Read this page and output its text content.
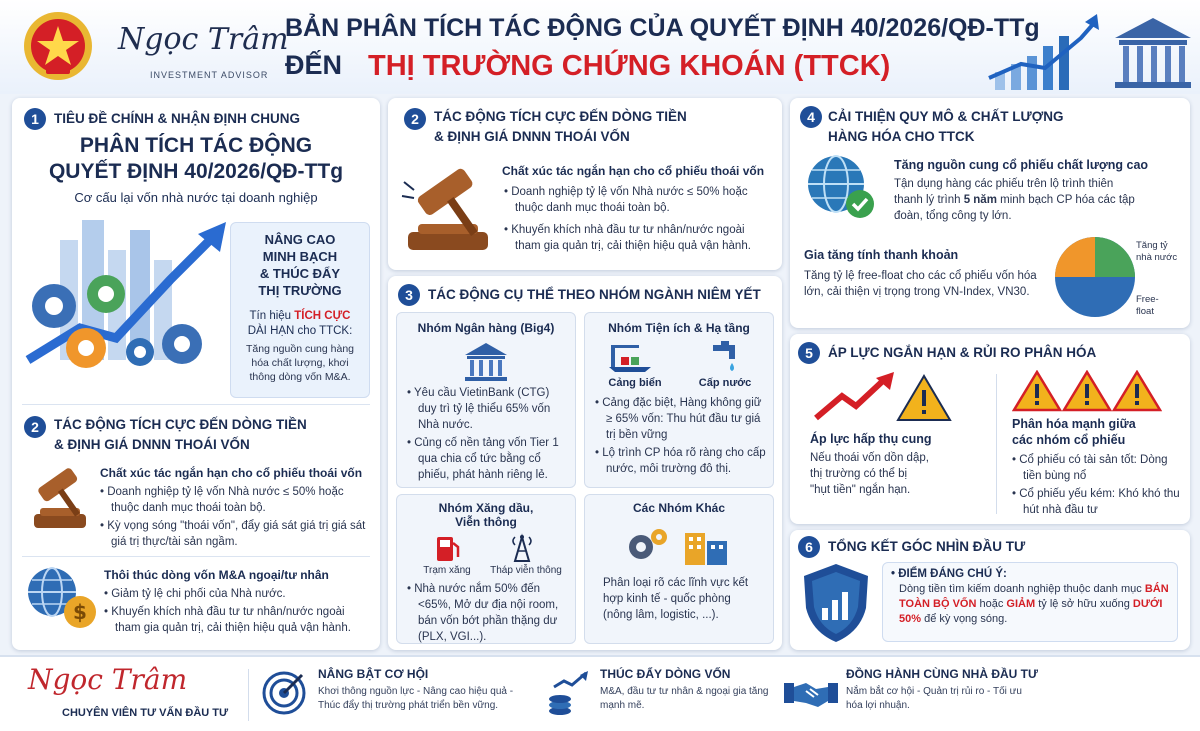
Ngọc Trâm
INVESTMENT ADVISOR
BẢN PHÂN TÍCH TÁC ĐỘNG CỦA QUYẾT ĐỊNH 40/2026/QĐ-TTg
ĐẾN THỊ TRƯỜNG CHỨNG KHOÁN (TTCK)
1	TIÊU ĐỀ CHÍNH & NHẬN ĐỊNH CHUNG
PHÂN TÍCH TÁC ĐỘNG
QUYẾT ĐỊNH 40/2026/QĐ-TTg
Cơ cấu lại vốn nhà nước tại doanh nghiệp
NÂNG CAO
MINH BẠCH
& THÚC ĐẨY
THỊ TRƯỜNG
Tín hiệu TÍCH CỰC
DÀI HẠN cho TTCK:
Tăng nguồn cung hàng hóa chất lượng, khơi thông dòng vốn M&A.
2	TÁC ĐỘNG TÍCH CỰC ĐẾN DÒNG TIỀN
& ĐỊNH GIÁ DNNN THOÁI VỐN
Chất xúc tác ngắn hạn cho cổ phiếu thoái vốn
• Doanh nghiệp tỷ lệ vốn Nhà nước ≤ 50% hoặc thuộc danh mục thoái toàn bộ.
• Kỳ vọng sóng "thoái vốn", đẩy giá sát giá trị giá sát giá trị thực/tài sản ngầm.
$
Thôi thúc dòng vốn M&A ngoại/tư nhân
• Giảm tỷ lệ chi phối của Nhà nước.
• Khuyến khích nhà đầu tư tư nhân/nước ngoài tham gia quản trị, cải thiện hiệu quả vận hành.
2	TÁC ĐỘNG TÍCH CỰC ĐẾN DÒNG TIỀN
& ĐỊNH GIÁ DNNN THOÁI VỐN
Chất xúc tác ngắn hạn cho cổ phiếu thoái vốn
• Doanh nghiệp tỷ lệ vốn Nhà nước ≤ 50% hoặc thuộc danh mục thoái toàn bộ.
• Khuyến khích nhà đầu tư tư nhân/nước ngoài tham gia quản trị, cải thiện hiệu quả vận hành.
3	TÁC ĐỘNG CỤ THỂ THEO NHÓM NGÀNH NIÊM YẾT
Nhóm Ngân hàng (Big4)
• Yêu cầu VietinBank (CTG) duy trì tỷ lệ thiểu 65% vốn Nhà nước.
• Củng cố nền tảng vốn Tier 1 qua chia cổ tức bằng cổ phiếu, phát hành riêng lẻ.
Nhóm Tiện ích & Hạ tầng
Cảng biển	Cấp nước
• Cảng đặc biệt, Hàng không giữ ≥ 65% vốn: Thu hút đầu tư giá trị bền vững
• Lộ trình CP hóa rõ ràng cho cấp nước, môi trường đô thị.
Nhóm Xăng dầu,
Viễn thông
Trạm xăng	Tháp viễn thông
• Nhà nước nắm 50% đến <65%, Mở dư địa nội room, bán vốn bớt phần thặng dư (PLX, VGI...).
Các Nhóm Khác
Phân loại rõ các lĩnh vực kết hợp kinh tế - quốc phòng (nông lâm, logistic, ...).
4 CẢI THIỆN QUY MÔ & CHẤT LƯỢNG
HÀNG HÓA CHO TTCK
Tăng nguồn cung cổ phiếu chất lượng cao
Tận dụng hàng các phiếu trên lộ trình thiên thanh lý trình 5 năm minh bạch CP hóa các tập đoàn, tổng công ty lớn.
Gia tăng tính thanh khoản
Tăng tỷ lệ free-float cho các cổ phiếu vốn hóa lớn, cải thiện vị trọng trong VN-Index, VN30.
Tăng tỷ
nhà nước
Free-
float
5	ÁP LỰC NGẮN HẠN & RỦI RO PHÂN HÓA
Áp lực hấp thụ cung
Nếu thoái vốn dồn dập,
thị trường có thể bị
"hụt tiền" ngắn hạn.
Phân hóa mạnh giữa
các nhóm cổ phiếu
• Cổ phiếu có tài sản tốt: Dòng tiền bùng nổ
• Cổ phiếu yếu kém: Khó khó thu hút nhà đầu tư
6	TỔNG KẾT GÓC NHÌN ĐẦU TƯ
• ĐIỂM ĐÁNG CHÚ Ý:
Dòng tiền tìm kiếm doanh nghiệp thuộc danh mục BÁN TOÀN BỘ VỐN hoặc GIẢM tỷ lệ sở hữu xuống DƯỚI 50% để kỳ vọng sóng.
Ngọc Trâm
CHUYÊN VIÊN TƯ VẤN ĐẦU TƯ
NÂNG BẬT CƠ HỘI
Khơi thông nguồn lực - Nâng cao hiệu quả - Thúc đẩy thị trường phát triển bền vững.
THÚC ĐẨY DÒNG VỐN
M&A, đầu tư tư nhân & ngoại gia tăng mạnh mẽ.
ĐỒNG HÀNH CÙNG NHÀ ĐẦU TƯ
Nắm bắt cơ hội - Quản trị rủi ro - Tối ưu hóa lợi nhuận.
